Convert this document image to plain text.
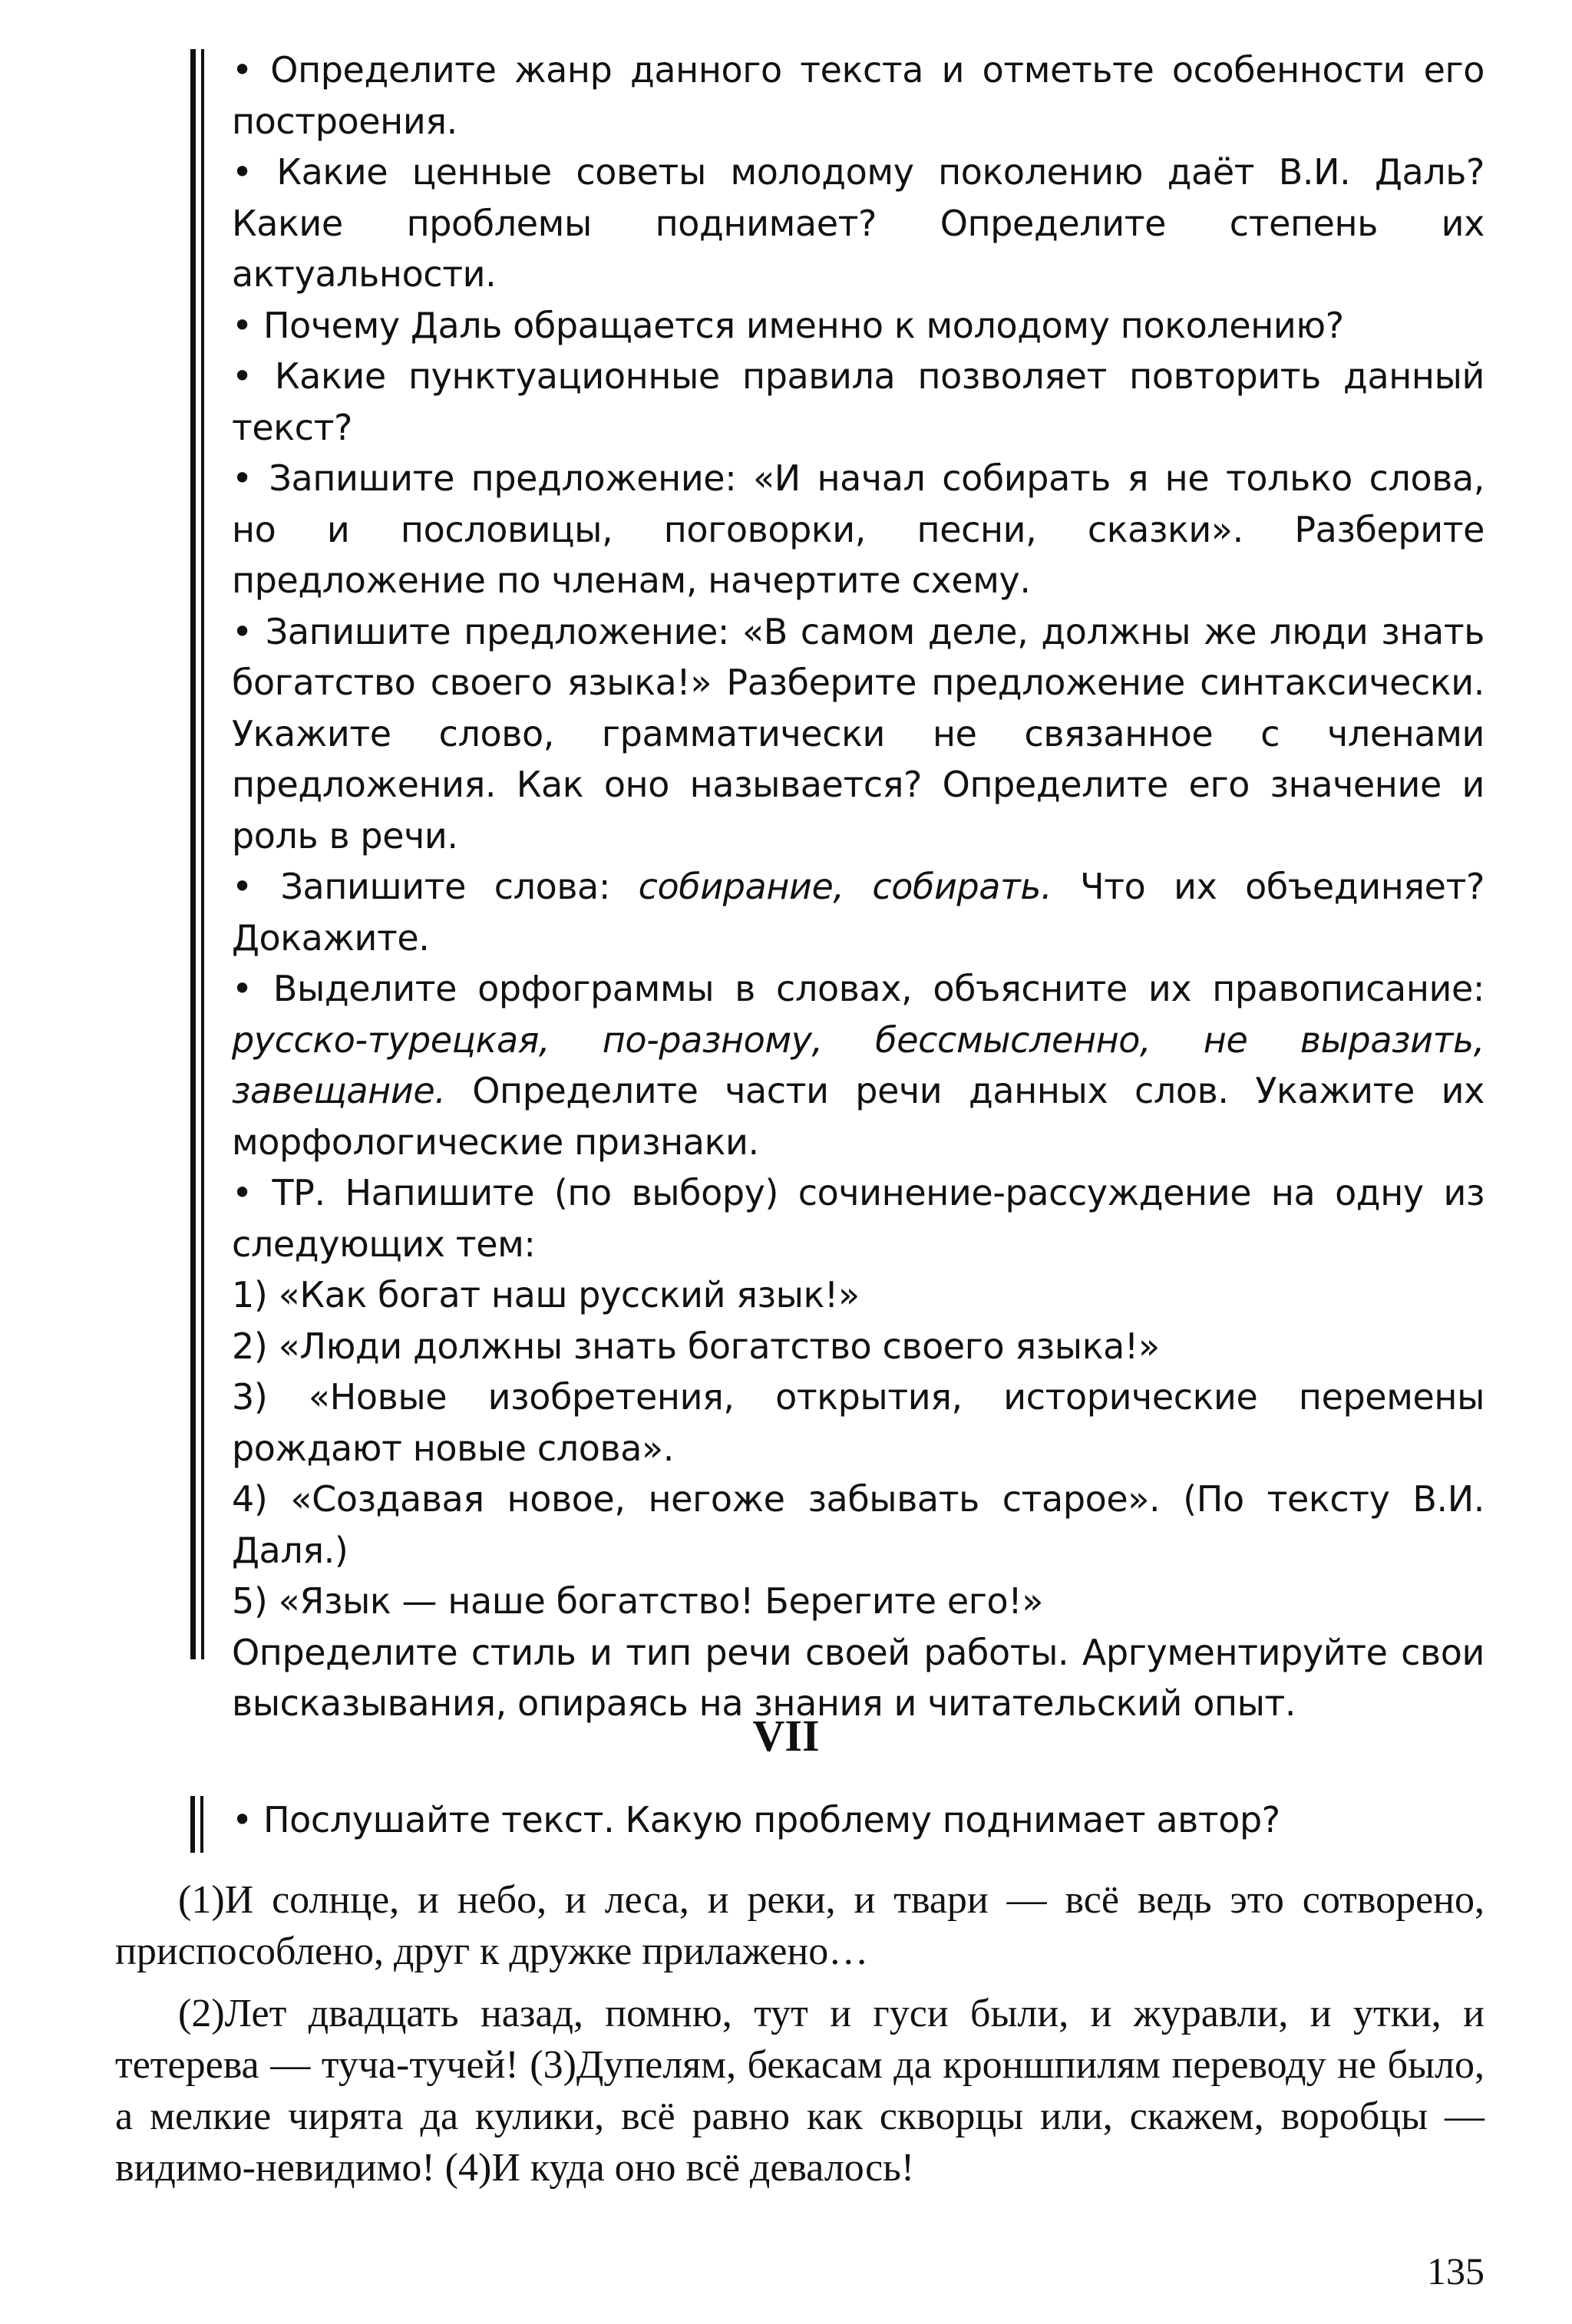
• Определите жанр данного текста и отметьте особенности его построения.

• Какие ценные советы молодому поколению даёт В.И. Даль? Какие проблемы поднимает? Определите степень их актуальности.

• Почему Даль обращается именно к молодому поколению?

• Какие пунктуационные правила позволяет повторить данный текст?

• Запишите предложение: «И начал собирать я не только слова, но и пословицы, поговорки, песни, сказки». Разберите предложение по членам, начертите схему.

• Запишите предложение: «В самом деле, должны же люди знать богатство своего языка!» Разберите предложение синтаксически. Укажите слово, грамматически не связанное с членами предложения. Как оно называется? Определите его значение и роль в речи.

• Запишите слова: собирание, собирать. Что их объединяет? Докажите.

• Выделите орфограммы в словах, объясните их правописание: русско-турецкая, по-разному, бессмысленно, не выразить, завещание. Определите части речи данных слов. Укажите их морфологические признаки.

• ТР. Напишите (по выбору) сочинение-рассуждение на одну из следующих тем:

1) «Как богат наш русский язык!»

2) «Люди должны знать богатство своего языка!»

3) «Новые изобретения, открытия, исторические перемены рождают новые слова».

4) «Создавая новое, негоже забывать старое». (По тексту В.И. Даля.)

5) «Язык — наше богатство! Берегите его!»

Определите стиль и тип речи своей работы. Аргументируйте свои высказывания, опираясь на знания и читательский опыт.

VII
• Послушайте текст. Какую проблему поднимает автор?

(1)И солнце, и небо, и леса, и реки, и твари — всё ведь это сотворено, приспособлено, друг к дружке прилажено…

(2)Лет двадцать назад, помню, тут и гуси были, и журавли, и утки, и тетерева — туча-тучей! (3)Дупелям, бекасам да кроншпилям переводу не было, а мелкие чирята да кулики, всё равно как скворцы или, скажем, воробцы — видимо-невидимо! (4)И куда оно всё девалось!

135
